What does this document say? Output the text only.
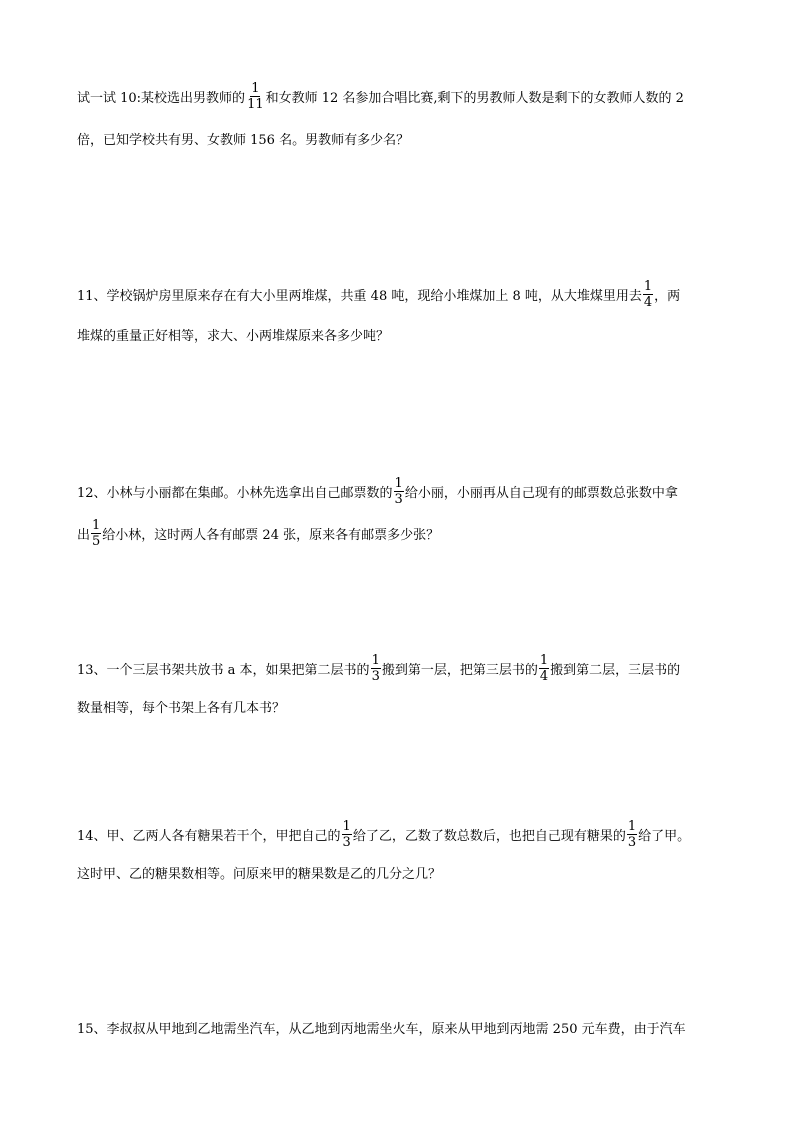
试一试 10:某校选出男教师的 $\frac{1}{11}$ 和女教师 12 名参加合唱比赛,剩下的男教师人数是剩下的女教师人数的 2
倍，已知学校共有男、女教师 156 名。男教师有多少名？
11、学校锅炉房里原来存在有大小里两堆煤，共重 48 吨，现给小堆煤加上 8 吨，从大堆煤里用去 $\frac{1}{4}$ ，两
堆煤的重量正好相等，求大、小两堆煤原来各多少吨？
12、小林与小丽都在集邮。小林先选拿出自己邮票数的 $\frac{1}{3}$ 给小丽，小丽再从自己现有的邮票数总张数中拿
出 $\frac{1}{5}$ 给小林，这时两人各有邮票 24 张，原来各有邮票多少张？
13、一个三层书架共放书 a 本，如果把第二层书的 $\frac{1}{3}$ 搬到第一层，把第三层书的 $\frac{1}{4}$ 搬到第二层，三层书的
数量相等，每个书架上各有几本书？
14、甲、乙两人各有糖果若干个，甲把自己的 $\frac{1}{3}$ 给了乙，乙数了数总数后，也把自己现有糖果的 $\frac{1}{3}$ 给了甲。
这时甲、乙的糖果数相等。问原来甲的糖果数是乙的几分之几？
15、李叔叔从甲地到乙地需坐汽车，从乙地到丙地需坐火车，原来从甲地到丙地需 250 元车费，由于汽车
